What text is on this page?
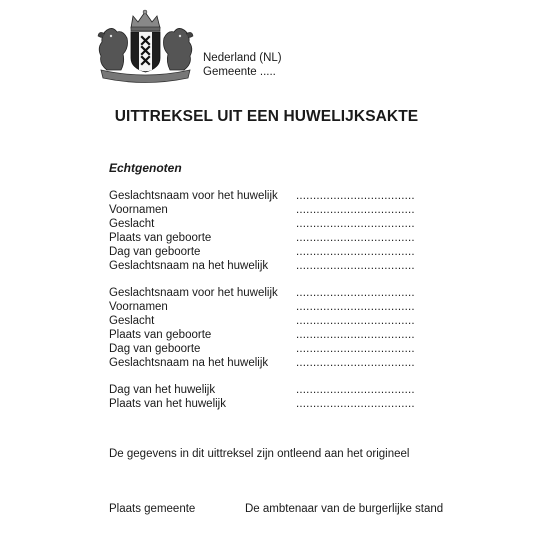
Nederland (NL)
Gemeente .....
UITTREKSEL UIT EEN HUWELIJKSAKTE
Echtgenoten
Geslachtsnaam voor het huwelijk ...................................
Voornamen	...................................
Geslacht	...................................
Plaats van geboorte	...................................
Dag van geboorte	...................................
Geslachtsnaam na het huwelijk ...................................
Geslachtsnaam voor het huwelijk ...................................
Voornamen	...................................
Geslacht	...................................
Plaats van geboorte	...................................
Dag van geboorte	...................................
Geslachtsnaam na het huwelijk ...................................
Dag van het huwelijk	...................................
Plaats van het huwelijk	...................................
De gegevens in dit uittreksel zijn ontleend aan het origineel
Plaats gemeente	De ambtenaar van de burgerlijke stand
